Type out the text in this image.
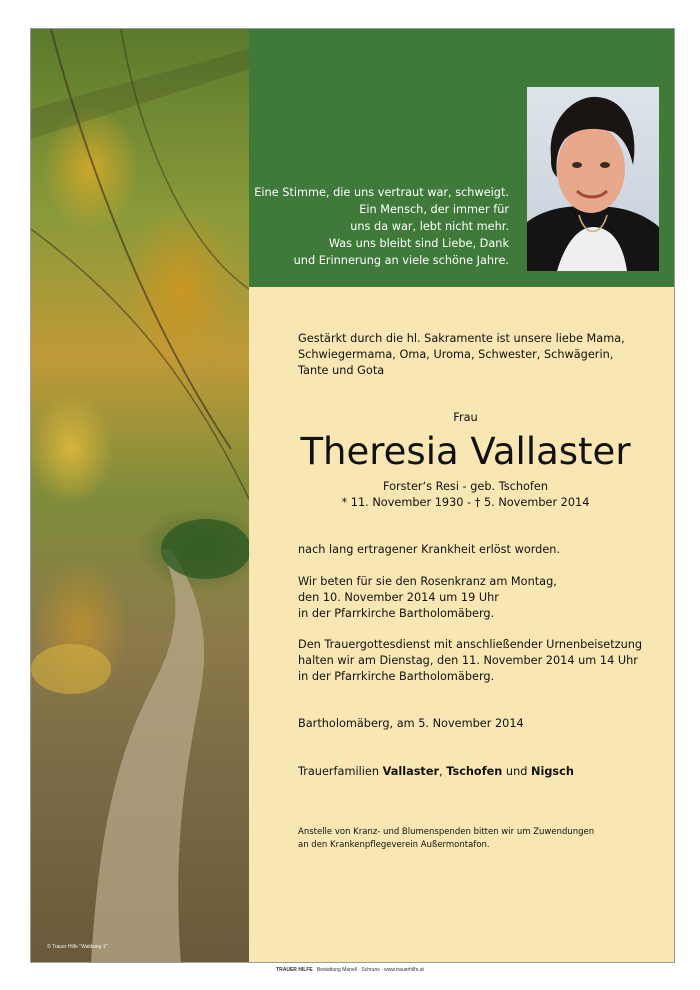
© Trauer Hilfe "Waldweg 1"
Eine Stimme, die uns vertraut war, schweigt.
Ein Mensch, der immer für
uns da war, lebt nicht mehr.
Was uns bleibt sind Liebe, Dank
und Erinnerung an viele schöne Jahre.
Gestärkt durch die hl. Sakramente ist unsere liebe Mama,
Schwiegermama, Oma, Uroma, Schwester, Schwägerin,
Tante und Gota
Frau
Theresia Vallaster
Forster‘s Resi - geb. Tschofen
* 11. November 1930 - † 5. November 2014
nach lang ertragener Krankheit erlöst worden.
Wir beten für sie den Rosenkranz am Montag,
den 10. November 2014 um 19 Uhr
in der Pfarrkirche Bartholomäberg.
Den Trauergottesdienst mit anschließender Urnenbeisetzung
halten wir am Dienstag, den 11. November 2014 um 14 Uhr
in der Pfarrkirche Bartholomäberg.
Bartholomäberg, am 5. November 2014
Trauerfamilien Vallaster, Tschofen und Nigsch
Anstelle von Kranz- und Blumenspenden bitten wir um Zuwendungen
an den Krankenpflegeverein Außermontafon.
TRAUER HILFE Bestattung Manell · Schruns · www.trauerhilfe.at
